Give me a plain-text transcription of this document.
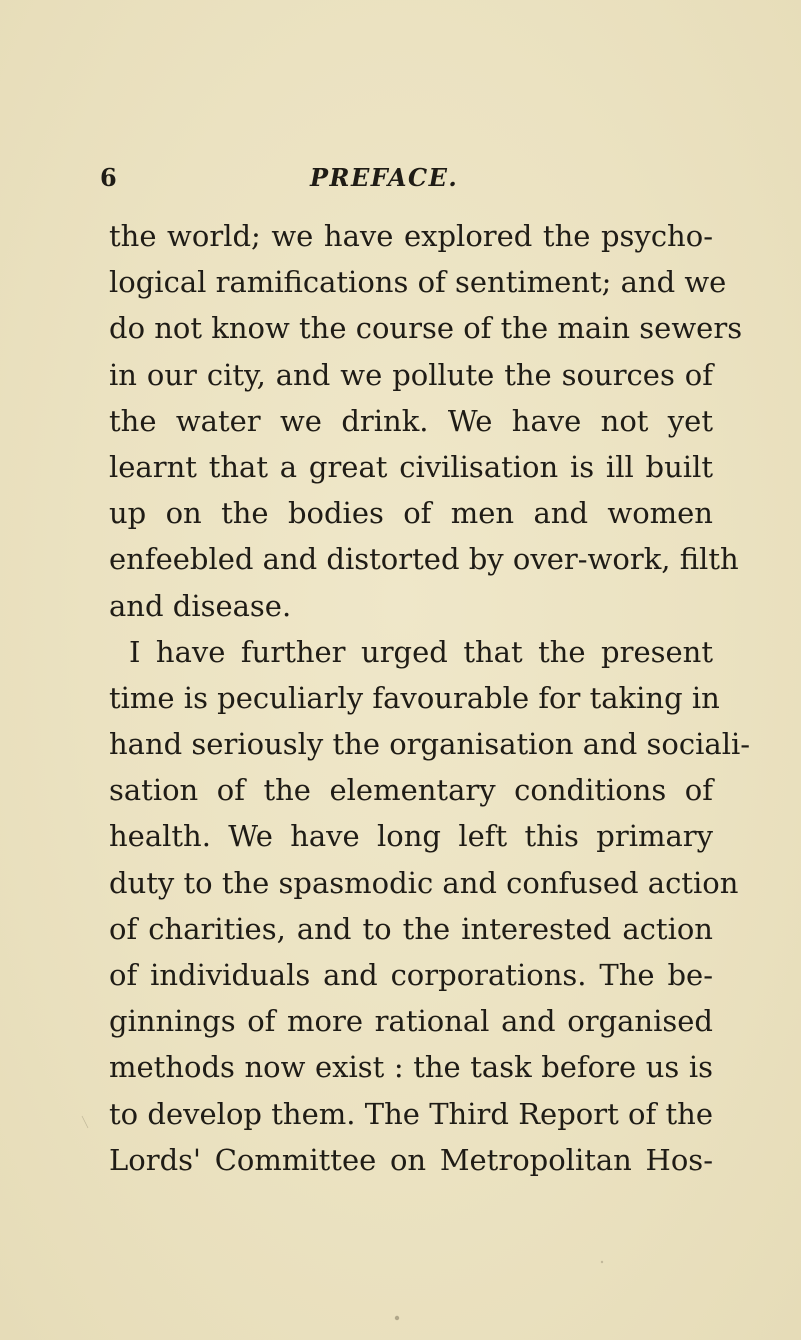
6	PREFACE.
the world; we have explored the psycho-
logical ramifications of sentiment; and we
do not know the course of the main sewers
in our city, and we pollute the sources of
the water we drink. We have not yet
learnt that a great civilisation is ill built
up on the bodies of men and women
enfeebled and distorted by over-work, filth
and disease.
I have further urged that the present
time is peculiarly favourable for taking in
hand seriously the organisation and sociali-
sation of the elementary conditions of
health. We have long left this primary
duty to the spasmodic and confused action
of charities, and to the interested action
of individuals and corporations. The be-
ginnings of more rational and organised
methods now exist : the task before us is
to develop them. The Third Report of the
Lords' Committee on Metropolitan Hos-
